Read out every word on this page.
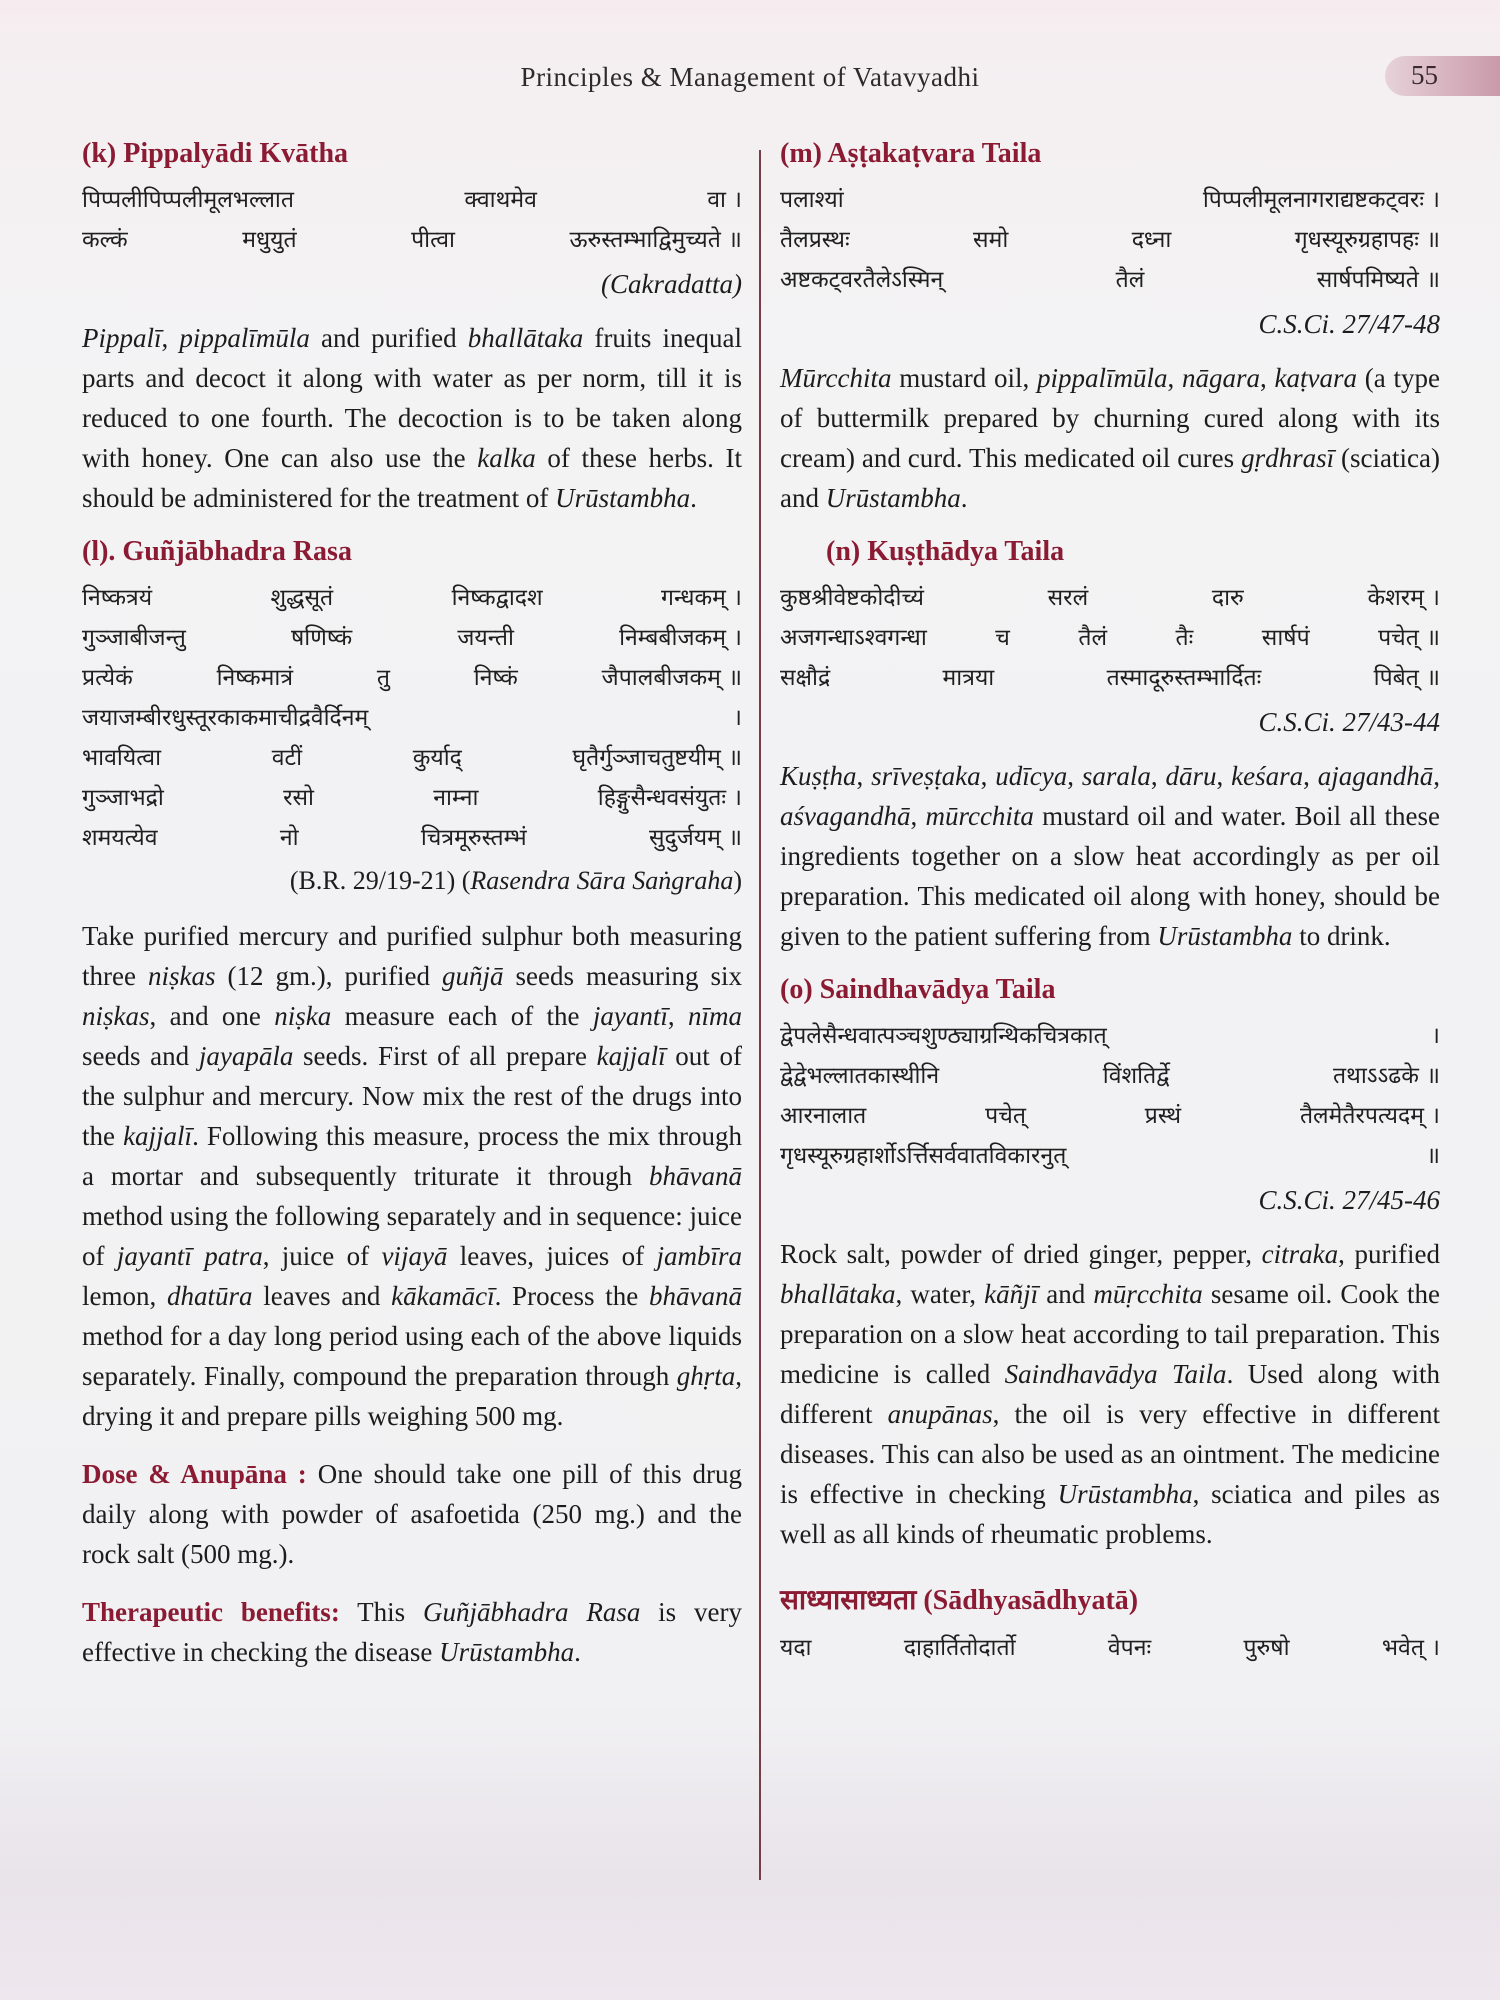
Principles & Management of Vatavyadhi	55
(k) Pippalyādi Kvātha
पिप्पलीपिप्पलीमूलभल्लात	क्वाथमेव	वा ।
कल्कं	मधुयुतं	पीत्वा	ऊरुस्तम्भाद्विमुच्यते ॥
(Cakradatta)

Pippalī, pippalīmūla and purified bhallātaka fruits inequal parts and decoct it along with water as per norm, till it is reduced to one fourth. The decoction is to be taken along with honey. One can also use the kalka of these herbs. It should be administered for the treatment of Urūstambha.

(l). Guñjābhadra Rasa
निष्कत्रयं	शुद्धसूतं	निष्कद्वादश	गन्धकम् ।
गुञ्जाबीजन्तु	षणिष्कं	जयन्ती	निम्बबीजकम् ।
प्रत्येकं	निष्कमात्रं	तु	निष्कं	जैपालबीजकम् ॥
जयाजम्बीरधुस्तूरकाकमाचीद्रवैर्दिनम्	।
भावयित्वा	वटीं	कुर्याद्	घृतैर्गुञ्जाचतुष्टयीम् ॥
गुञ्जाभद्रो	रसो	नाम्ना	हिङ्गुसैन्धवसंयुतः ।
शमयत्येव	नो	चित्रमूरुस्तम्भं	सुदुर्जयम् ॥
(B.R. 29/19-21) (Rasendra Sāra Saṅgraha)

Take purified mercury and purified sulphur both measuring three niṣkas (12 gm.), purified guñjā seeds measuring six niṣkas, and one niṣka measure each of the jayantī, nīma seeds and jayapāla seeds. First of all prepare kajjalī out of the sulphur and mercury. Now mix the rest of the drugs into the kajjalī. Following this measure, process the mix through a mortar and subsequently triturate it through bhāvanā method using the following separately and in sequence: juice of jayantī patra, juice of vijayā leaves, juices of jambīra lemon, dhatūra leaves and kākamācī. Process the bhāvanā method for a day long period using each of the above liquids separately. Finally, compound the preparation through ghṛta, drying it and prepare pills weighing 500 mg.

Dose & Anupāna : One should take one pill of this drug daily along with powder of asafoetida (250 mg.) and the rock salt (500 mg.).

Therapeutic benefits: This Guñjābhadra Rasa is very effective in checking the disease Urūstambha.

(m) Aṣṭakaṭvara Taila
पलाश्यां	पिप्पलीमूलनागराद्यष्टकट्वरः ।
तैलप्रस्थः	समो	दध्ना	गृधस्यूरुग्रहापहः ॥
अष्टकट्वरतैलेऽस्मिन्	तैलं	सार्षपमिष्यते ॥
C.S.Ci. 27/47-48

Mūrcchita mustard oil, pippalīmūla, nāgara, kaṭvara (a type of buttermilk prepared by churning cured along with its cream) and curd. This medicated oil cures gṛdhrasī (sciatica) and Urūstambha.

(n) Kuṣṭhādya Taila
कुष्ठश्रीवेष्टकोदीच्यं	सरलं	दारु	केशरम् ।
अजगन्धाऽश्वगन्धा	च	तैलं	तैः	सार्षपं	पचेत् ॥
सक्षौद्रं	मात्रया	तस्मादूरुस्तम्भार्दितः	पिबेत् ॥
C.S.Ci. 27/43-44

Kuṣṭha, srīveṣṭaka, udīcya, sarala, dāru, keśara, ajagandhā, aśvagandhā, mūrcchita mustard oil and water. Boil all these ingredients together on a slow heat accordingly as per oil preparation. This medicated oil along with honey, should be given to the patient suffering from Urūstambha to drink.

(o) Saindhavādya Taila
द्वेपलेसैन्धवात्पञ्चशुण्ठ्याग्रन्थिकचित्रकात्	।
द्वेद्वेभल्लातकास्थीनि	विंशतिर्द्वे	तथाऽऽढके ॥
आरनालात	पचेत्	प्रस्थं	तैलमेतैरपत्यदम् ।
गृधस्यूरुग्रहार्शोऽर्त्तिसर्ववातविकारनुत्	॥
C.S.Ci. 27/45-46

Rock salt, powder of dried ginger, pepper, citraka, purified bhallātaka, water, kāñjī and mūṛcchita sesame oil. Cook the preparation on a slow heat according to tail preparation. This medicine is called Saindhavādya Taila. Used along with different anupānas, the oil is very effective in different diseases. This can also be used as an ointment. The medicine is effective in checking Urūstambha, sciatica and piles as well as all kinds of rheumatic problems.

साध्यासाध्यता (Sādhyasādhyatā)
यदा	दाहार्तितोदार्तो	वेपनः	पुरुषो	भवेत् ।
